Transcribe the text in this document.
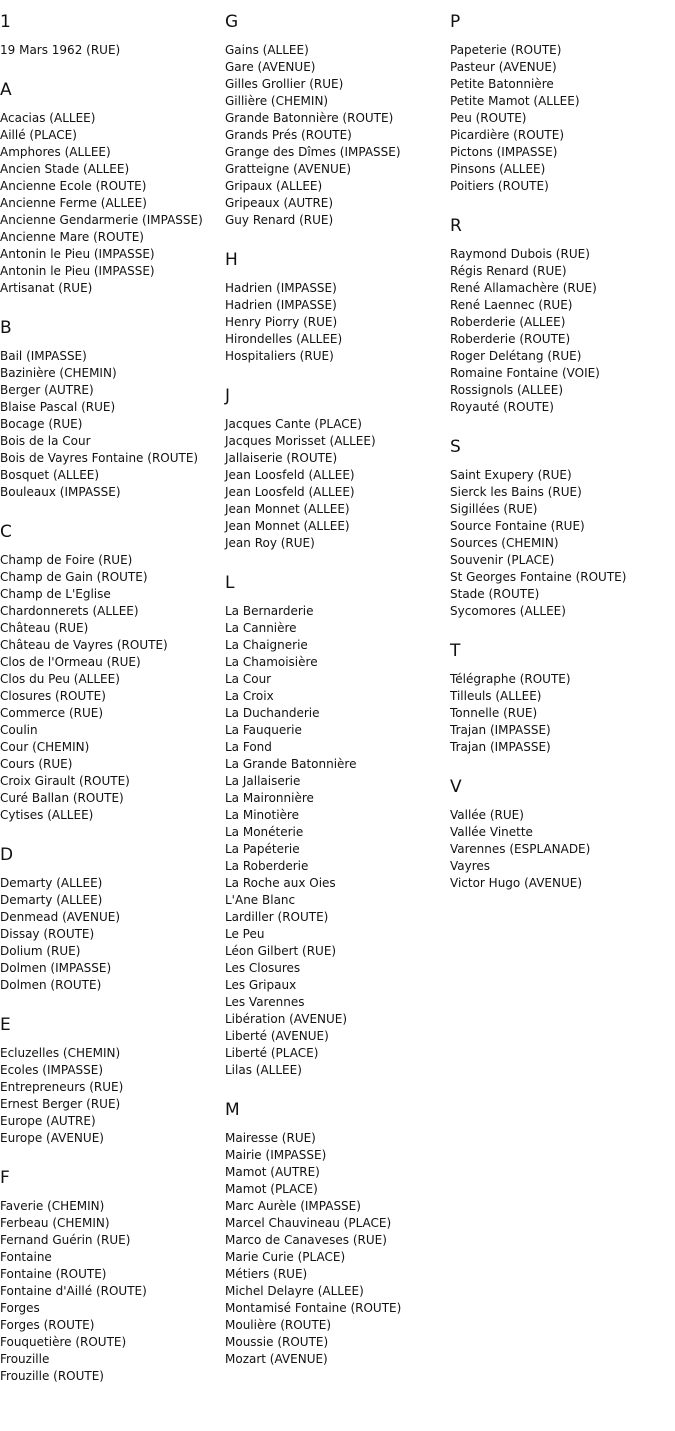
1
19 Mars 1962 (RUE)
A
Acacias (ALLEE)
Aillé (PLACE)
Amphores (ALLEE)
Ancien Stade (ALLEE)
Ancienne Ecole (ROUTE)
Ancienne Ferme (ALLEE)
Ancienne Gendarmerie (IMPASSE)
Ancienne Mare (ROUTE)
Antonin le Pieu (IMPASSE)
Antonin le Pieu (IMPASSE)
Artisanat (RUE)
B
Bail (IMPASSE)
Bazinière (CHEMIN)
Berger (AUTRE)
Blaise Pascal (RUE)
Bocage (RUE)
Bois de la Cour
Bois de Vayres Fontaine (ROUTE)
Bosquet (ALLEE)
Bouleaux (IMPASSE)
C
Champ de Foire (RUE)
Champ de Gain (ROUTE)
Champ de L'Eglise
Chardonnerets (ALLEE)
Château (RUE)
Château de Vayres (ROUTE)
Clos de l'Ormeau (RUE)
Clos du Peu (ALLEE)
Closures (ROUTE)
Commerce (RUE)
Coulin
Cour (CHEMIN)
Cours (RUE)
Croix Girault (ROUTE)
Curé Ballan (ROUTE)
Cytises (ALLEE)
D
Demarty (ALLEE)
Demarty (ALLEE)
Denmead (AVENUE)
Dissay (ROUTE)
Dolium (RUE)
Dolmen (IMPASSE)
Dolmen (ROUTE)
E
Ecluzelles (CHEMIN)
Ecoles (IMPASSE)
Entrepreneurs (RUE)
Ernest Berger (RUE)
Europe (AUTRE)
Europe (AVENUE)
F
Faverie (CHEMIN)
Ferbeau (CHEMIN)
Fernand Guérin (RUE)
Fontaine
Fontaine (ROUTE)
Fontaine d'Aillé (ROUTE)
Forges
Forges (ROUTE)
Fouquetière (ROUTE)
Frouzille
Frouzille (ROUTE)
G
Gains (ALLEE)
Gare (AVENUE)
Gilles Grollier (RUE)
Gillière (CHEMIN)
Grande Batonnière (ROUTE)
Grands Prés (ROUTE)
Grange des Dîmes (IMPASSE)
Gratteigne (AVENUE)
Gripaux (ALLEE)
Gripeaux (AUTRE)
Guy Renard (RUE)
H
Hadrien (IMPASSE)
Hadrien (IMPASSE)
Henry Piorry (RUE)
Hirondelles (ALLEE)
Hospitaliers (RUE)
J
Jacques Cante (PLACE)
Jacques Morisset (ALLEE)
Jallaiserie (ROUTE)
Jean Loosfeld (ALLEE)
Jean Loosfeld (ALLEE)
Jean Monnet (ALLEE)
Jean Monnet (ALLEE)
Jean Roy (RUE)
L
La Bernarderie
La Cannière
La Chaignerie
La Chamoisière
La Cour
La Croix
La Duchanderie
La Fauquerie
La Fond
La Grande Batonnière
La Jallaiserie
La Maironnière
La Minotière
La Monéterie
La Papéterie
La Roberderie
La Roche aux Oies
L'Ane Blanc
Lardiller (ROUTE)
Le Peu
Léon Gilbert (RUE)
Les Closures
Les Gripaux
Les Varennes
Libération (AVENUE)
Liberté (AVENUE)
Liberté (PLACE)
Lilas (ALLEE)
M
Mairesse (RUE)
Mairie (IMPASSE)
Mamot (AUTRE)
Mamot (PLACE)
Marc Aurèle (IMPASSE)
Marcel Chauvineau (PLACE)
Marco de Canaveses (RUE)
Marie Curie (PLACE)
Métiers (RUE)
Michel Delayre (ALLEE)
Montamisé Fontaine (ROUTE)
Moulière (ROUTE)
Moussie (ROUTE)
Mozart (AVENUE)
P
Papeterie (ROUTE)
Pasteur (AVENUE)
Petite Batonnière
Petite Mamot (ALLEE)
Peu (ROUTE)
Picardière (ROUTE)
Pictons (IMPASSE)
Pinsons (ALLEE)
Poitiers (ROUTE)
R
Raymond Dubois (RUE)
Régis Renard (RUE)
René Allamachère (RUE)
René Laennec (RUE)
Roberderie (ALLEE)
Roberderie (ROUTE)
Roger Delétang (RUE)
Romaine Fontaine (VOIE)
Rossignols (ALLEE)
Royauté (ROUTE)
S
Saint Exupery (RUE)
Sierck les Bains (RUE)
Sigillées (RUE)
Source Fontaine (RUE)
Sources (CHEMIN)
Souvenir (PLACE)
St Georges Fontaine (ROUTE)
Stade (ROUTE)
Sycomores (ALLEE)
T
Télégraphe (ROUTE)
Tilleuls (ALLEE)
Tonnelle (RUE)
Trajan (IMPASSE)
Trajan (IMPASSE)
V
Vallée (RUE)
Vallée Vinette
Varennes (ESPLANADE)
Vayres
Victor Hugo (AVENUE)
